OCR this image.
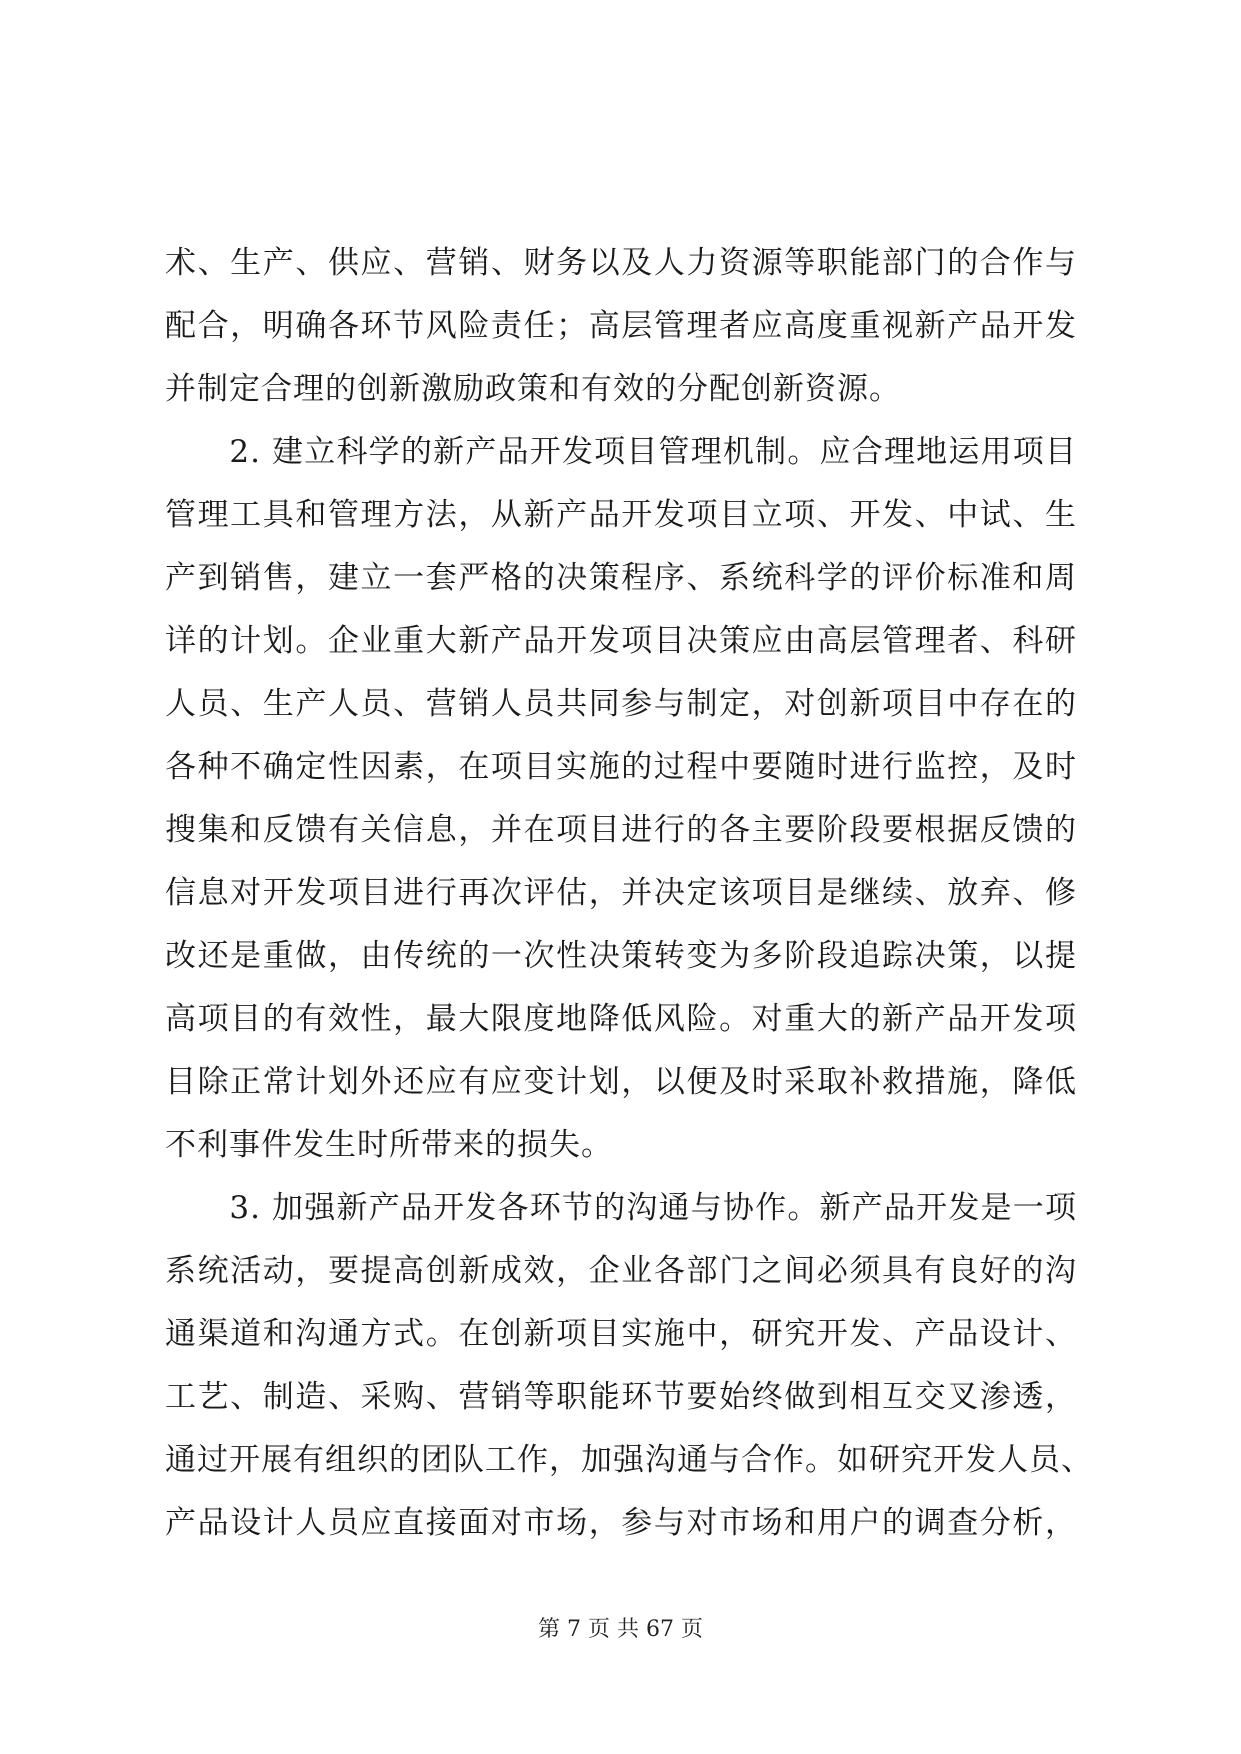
术、生产、供应、营销、财务以及人力资源等职能部门的合作与
配合，明确各环节风险责任；高层管理者应高度重视新产品开发
并制定合理的创新激励政策和有效的分配创新资源。
　　2. 建立科学的新产品开发项目管理机制。应合理地运用项目
管理工具和管理方法，从新产品开发项目立项、开发、中试、生
产到销售，建立一套严格的决策程序、系统科学的评价标准和周
详的计划。企业重大新产品开发项目决策应由高层管理者、科研
人员、生产人员、营销人员共同参与制定，对创新项目中存在的
各种不确定性因素，在项目实施的过程中要随时进行监控，及时
搜集和反馈有关信息，并在项目进行的各主要阶段要根据反馈的
信息对开发项目进行再次评估，并决定该项目是继续、放弃、修
改还是重做，由传统的一次性决策转变为多阶段追踪决策，以提
高项目的有效性，最大限度地降低风险。对重大的新产品开发项
目除正常计划外还应有应变计划，以便及时采取补救措施，降低
不利事件发生时所带来的损失。
　　3. 加强新产品开发各环节的沟通与协作。新产品开发是一项
系统活动，要提高创新成效，企业各部门之间必须具有良好的沟
通渠道和沟通方式。在创新项目实施中，研究开发、产品设计、
工艺、制造、采购、营销等职能环节要始终做到相互交叉渗透，
通过开展有组织的团队工作，加强沟通与合作。如研究开发人员、
产品设计人员应直接面对市场，参与对市场和用户的调查分析，
第 7 页 共 67 页
